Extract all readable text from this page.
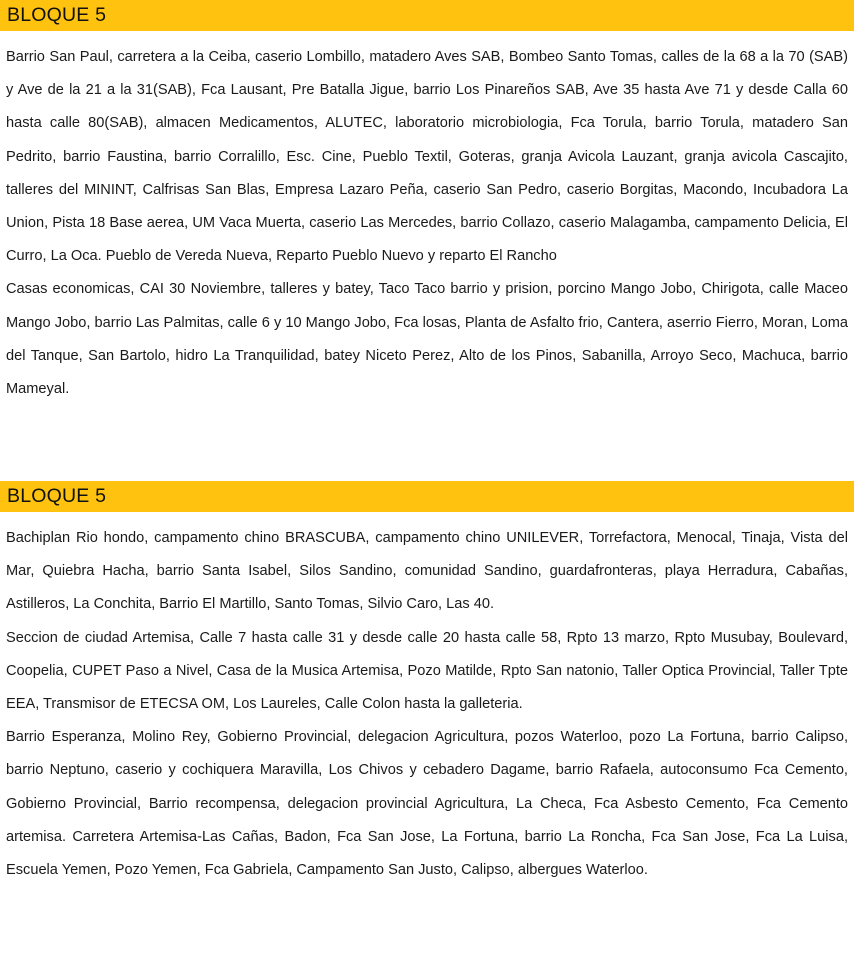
BLOQUE 5

Barrio San Paul, carretera a la Ceiba, caserio Lombillo, matadero Aves SAB, Bombeo Santo Tomas, calles de la 68 a la 70 (SAB) y Ave de la 21 a la 31(SAB), Fca Lausant, Pre Batalla Jigue, barrio Los Pinareños SAB, Ave 35 hasta Ave 71 y desde Calla 60 hasta calle 80(SAB), almacen Medicamentos, ALUTEC, laboratorio microbiologia, Fca Torula, barrio Torula, matadero San Pedrito, barrio Faustina, barrio Corralillo, Esc. Cine, Pueblo Textil, Goteras, granja Avicola Lauzant, granja avicola Cascajito, talleres del MININT, Calfrisas San Blas, Empresa Lazaro Peña, caserio San Pedro, caserio Borgitas, Macondo, Incubadora La Union, Pista 18 Base aerea, UM Vaca Muerta, caserio Las Mercedes, barrio Collazo, caserio Malagamba, campamento Delicia, El Curro, La Oca. Pueblo de Vereda Nueva, Reparto Pueblo Nuevo y reparto El Rancho

Casas economicas, CAI 30 Noviembre, talleres y batey, Taco Taco barrio y prision, porcino Mango Jobo, Chirigota, calle Maceo Mango Jobo, barrio Las Palmitas, calle 6 y 10 Mango Jobo, Fca losas, Planta de Asfalto frio, Cantera, aserrio Fierro, Moran, Loma del Tanque, San Bartolo, hidro La Tranquilidad, batey Niceto Perez, Alto de los Pinos, Sabanilla, Arroyo Seco, Machuca, barrio Mameyal.

BLOQUE 5

Bachiplan Rio hondo, campamento chino BRASCUBA, campamento chino UNILEVER, Torrefactora, Menocal, Tinaja, Vista del Mar, Quiebra Hacha, barrio Santa Isabel, Silos Sandino, comunidad Sandino, guardafronteras, playa Herradura, Cabañas, Astilleros, La Conchita, Barrio El Martillo, Santo Tomas, Silvio Caro, Las 40.

Seccion de ciudad Artemisa, Calle 7 hasta calle 31 y desde calle 20 hasta calle 58, Rpto 13 marzo, Rpto Musubay, Boulevard, Coopelia, CUPET Paso a Nivel, Casa de la Musica Artemisa, Pozo Matilde, Rpto San natonio, Taller Optica Provincial, Taller Tpte EEA, Transmisor de ETECSA OM, Los Laureles, Calle Colon hasta la galleteria.

Barrio Esperanza, Molino Rey, Gobierno Provincial, delegacion Agricultura, pozos Waterloo, pozo La Fortuna, barrio Calipso, barrio Neptuno, caserio y cochiquera Maravilla, Los Chivos y cebadero Dagame, barrio Rafaela, autoconsumo Fca Cemento, Gobierno Provincial, Barrio recompensa, delegacion provincial Agricultura, La Checa, Fca Asbesto Cemento, Fca Cemento artemisa. Carretera Artemisa-Las Cañas, Badon, Fca San Jose, La Fortuna, barrio La Roncha, Fca San Jose, Fca La Luisa, Escuela Yemen, Pozo Yemen, Fca Gabriela, Campamento San Justo, Calipso, albergues Waterloo.
